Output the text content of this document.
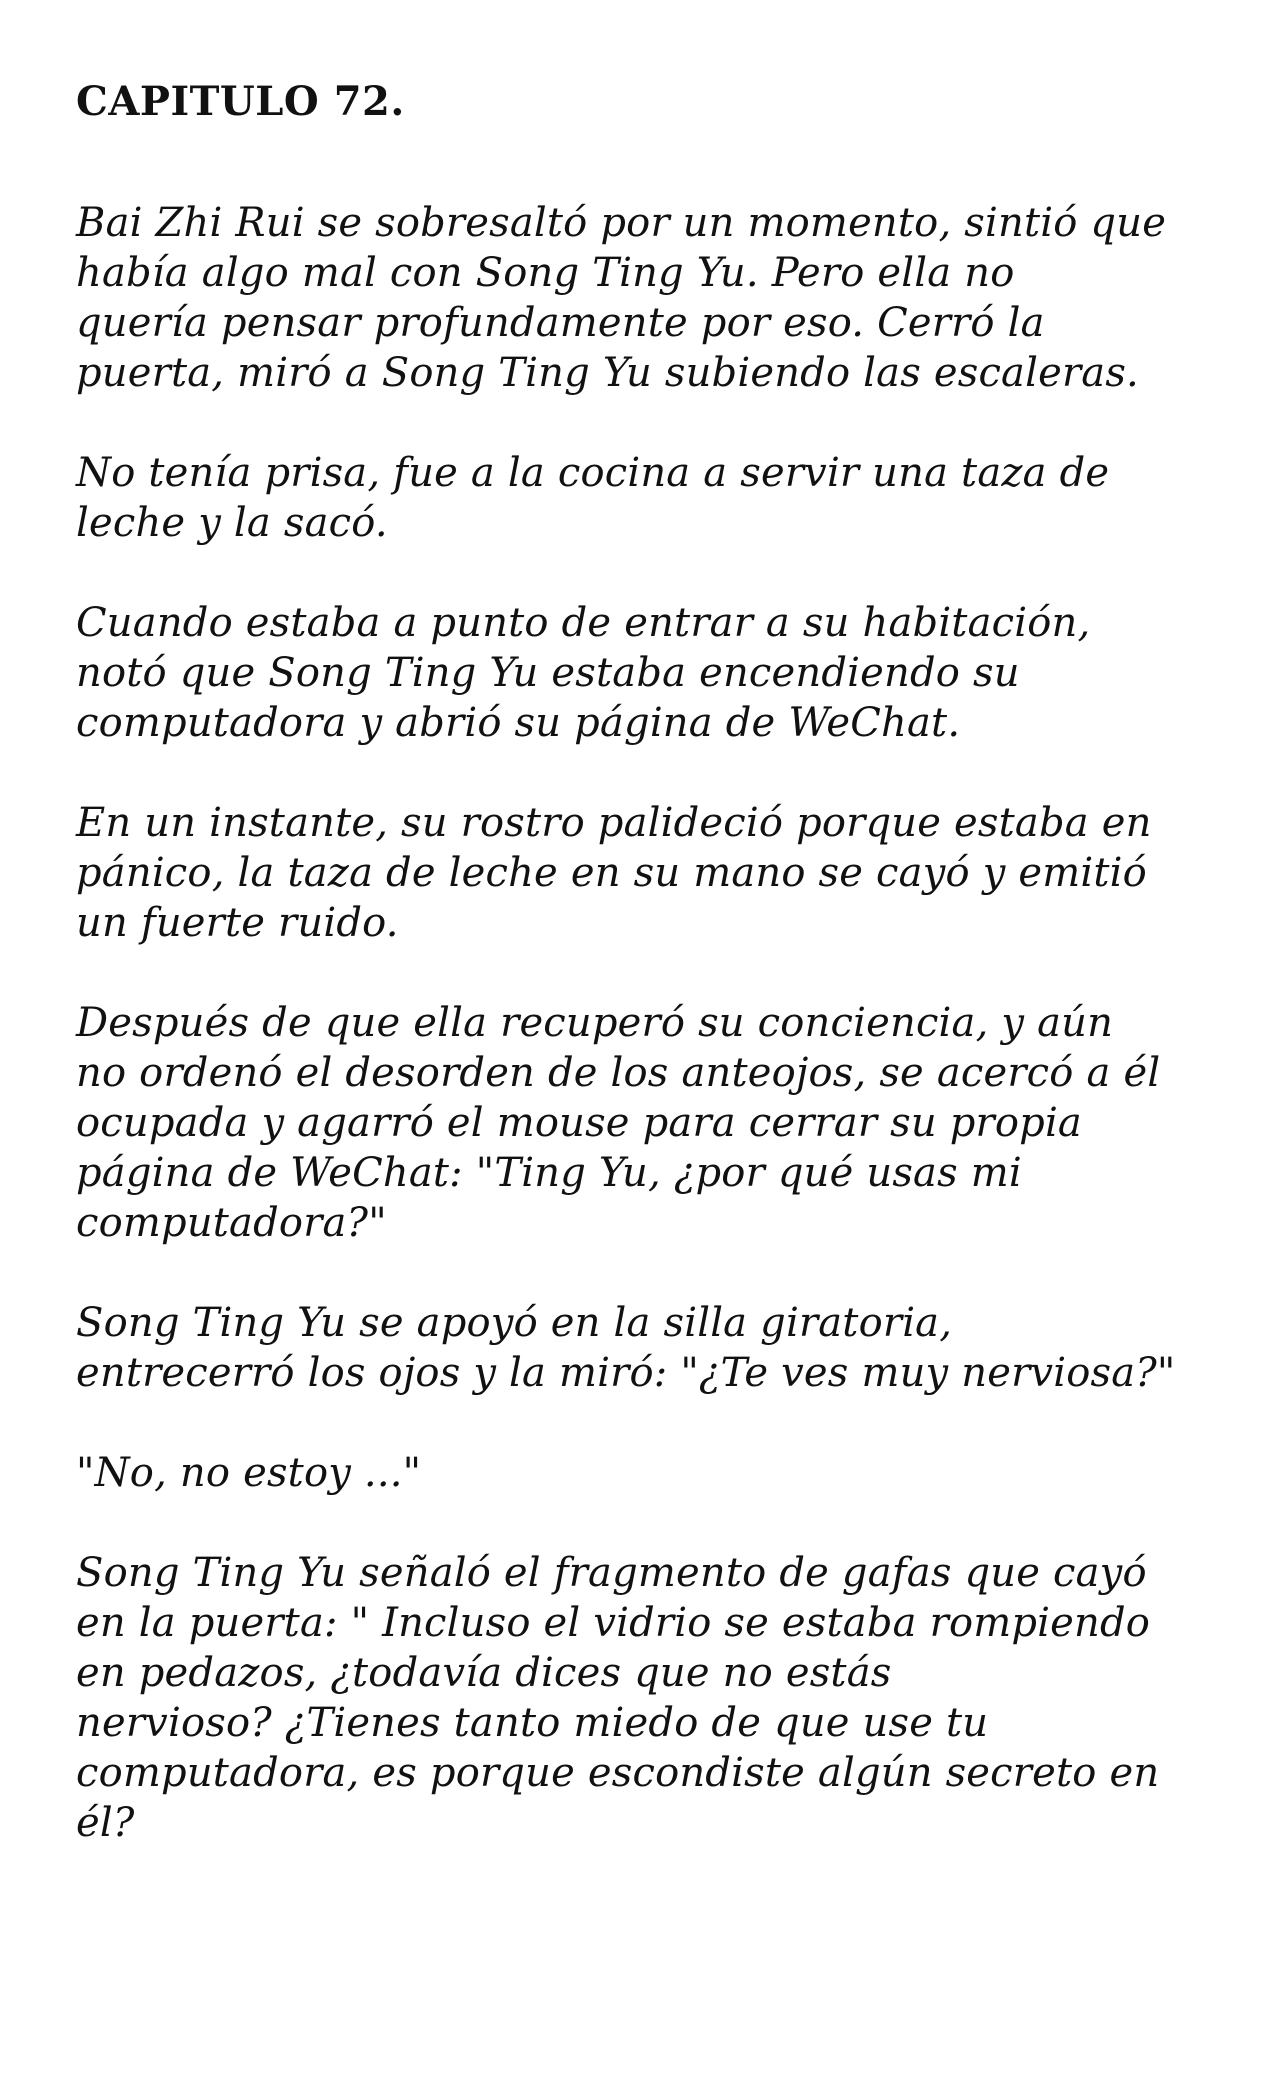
CAPITULO 72.

Bai Zhi Rui se sobresaltó por un momento, sintió que
había algo mal con Song Ting Yu. Pero ella no
quería pensar profundamente por eso. Cerró la
puerta, miró a Song Ting Yu subiendo las escaleras.

No tenía prisa, fue a la cocina a servir una taza de
leche y la sacó.

Cuando estaba a punto de entrar a su habitación,
notó que Song Ting Yu estaba encendiendo su
computadora y abrió su página de WeChat.

En un instante, su rostro palideció porque estaba en
pánico, la taza de leche en su mano se cayó y emitió
un fuerte ruido.

Después de que ella recuperó su conciencia, y aún
no ordenó el desorden de los anteojos, se acercó a él
ocupada y agarró el mouse para cerrar su propia
página de WeChat: "Ting Yu, ¿por qué usas mi
computadora?"

Song Ting Yu se apoyó en la silla giratoria,
entrecerró los ojos y la miró: "¿Te ves muy nerviosa?"

"No, no estoy ..."

Song Ting Yu señaló el fragmento de gafas que cayó
en la puerta: " Incluso el vidrio se estaba rompiendo
en pedazos, ¿todavía dices que no estás
nervioso? ¿Tienes tanto miedo de que use tu
computadora, es porque escondiste algún secreto en
él?
